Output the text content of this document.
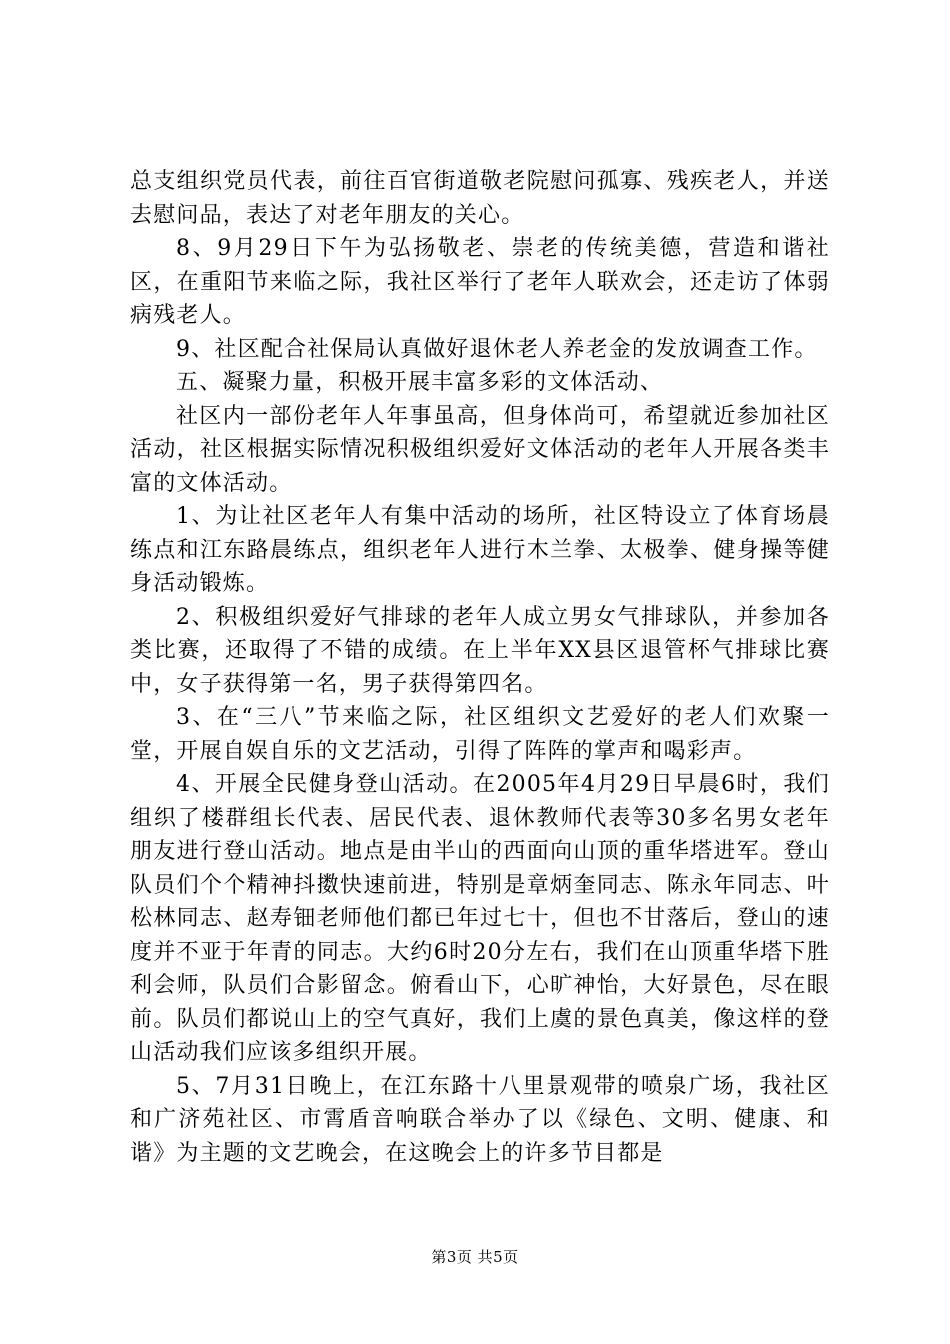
总支组织党员代表，前往百官街道敬老院慰问孤寡、残疾老人，并送去慰问品，表达了对老年朋友的关心。

8、9月29日下午为弘扬敬老、崇老的传统美德，营造和谐社区，在重阳节来临之际，我社区举行了老年人联欢会，还走访了体弱病残老人。

9、社区配合社保局认真做好退休老人养老金的发放调查工作。

五、凝聚力量，积极开展丰富多彩的文体活动、

社区内一部份老年人年事虽高，但身体尚可，希望就近参加社区活动，社区根据实际情况积极组织爱好文体活动的老年人开展各类丰富的文体活动。

1、为让社区老年人有集中活动的场所，社区特设立了体育场晨练点和江东路晨练点，组织老年人进行木兰拳、太极拳、健身操等健身活动锻炼。

2、积极组织爱好气排球的老年人成立男女气排球队，并参加各类比赛，还取得了不错的成绩。在上半年XX县区退管杯气排球比赛中，女子获得第一名，男子获得第四名。

3、在“三八”节来临之际，社区组织文艺爱好的老人们欢聚一堂，开展自娱自乐的文艺活动，引得了阵阵的掌声和喝彩声。

4、开展全民健身登山活动。在2005年4月29日早晨6时，我们组织了楼群组长代表、居民代表、退休教师代表等30多名男女老年朋友进行登山活动。地点是由半山的西面向山顶的重华塔进军。登山队员们个个精神抖擞快速前进，特别是章炳奎同志、陈永年同志、叶松林同志、赵寿钿老师他们都已年过七十，但也不甘落后，登山的速度并不亚于年青的同志。大约6时20分左右，我们在山顶重华塔下胜利会师，队员们合影留念。俯看山下，心旷神怡，大好景色，尽在眼前。队员们都说山上的空气真好，我们上虞的景色真美，像这样的登山活动我们应该多组织开展。

5、7月31日晚上，在江东路十八里景观带的喷泉广场，我社区和广济苑社区、市霄盾音响联合举办了以《绿色、文明、健康、和谐》为主题的文艺晚会，在这晚会上的许多节目都是

第3页 共5页
